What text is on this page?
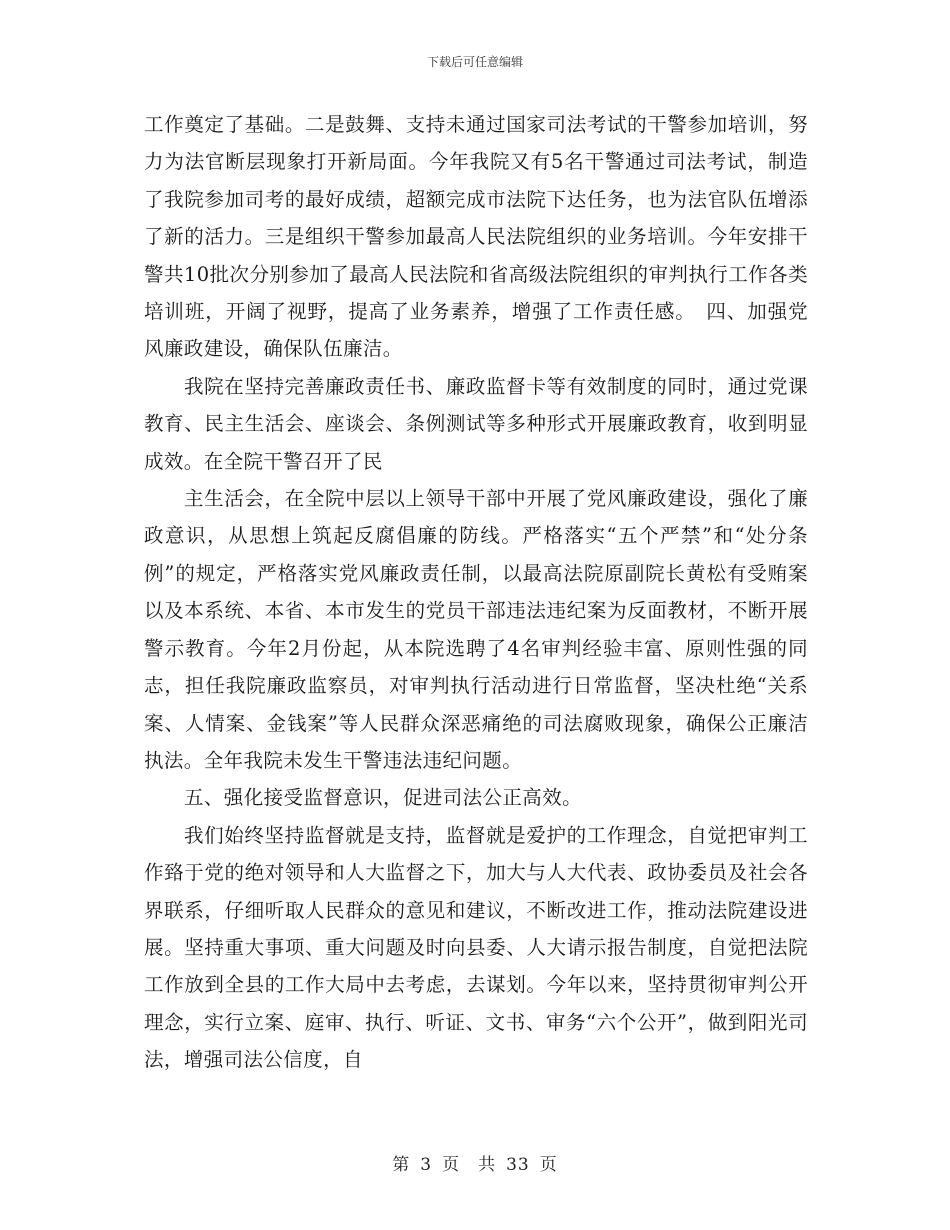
下载后可任意编辑

工作奠定了基础。二是鼓舞、支持未通过国家司法考试的干警参加培训，努力为法官断层现象打开新局面。今年我院又有5名干警通过司法考试，制造了我院参加司考的最好成绩，超额完成市法院下达任务，也为法官队伍增添了新的活力。三是组织干警参加最高人民法院组织的业务培训。今年安排干警共10批次分别参加了最高人民法院和省高级法院组织的审判执行工作各类培训班，开阔了视野，提高了业务素养，增强了工作责任感。　四、加强党风廉政建设，确保队伍廉洁。

我院在坚持完善廉政责任书、廉政监督卡等有效制度的同时，通过党课教育、民主生活会、座谈会、条例测试等多种形式开展廉政教育，收到明显成效。在全院干警召开了民

主生活会，在全院中层以上领导干部中开展了党风廉政建设，强化了廉政意识，从思想上筑起反腐倡廉的防线。严格落实“五个严禁”和“处分条例”的规定，严格落实党风廉政责任制，以最高法院原副院长黄松有受贿案以及本系统、本省、本市发生的党员干部违法违纪案为反面教材，不断开展警示教育。今年2月份起，从本院选聘了4名审判经验丰富、原则性强的同志，担任我院廉政监察员，对审判执行活动进行日常监督，坚决杜绝“关系案、人情案、金钱案”等人民群众深恶痛绝的司法腐败现象，确保公正廉洁执法。全年我院未发生干警违法违纪问题。

五、强化接受监督意识，促进司法公正高效。

我们始终坚持监督就是支持，监督就是爱护的工作理念，自觉把审判工作臵于党的绝对领导和人大监督之下，加大与人大代表、政协委员及社会各界联系，仔细听取人民群众的意见和建议，不断改进工作，推动法院建设进展。坚持重大事项、重大问题及时向县委、人大请示报告制度，自觉把法院工作放到全县的工作大局中去考虑，去谋划。今年以来，坚持贯彻审判公开理念，实行立案、庭审、执行、听证、文书、审务“六个公开”，做到阳光司法，增强司法公信度，自

第 3 页　共 33 页
